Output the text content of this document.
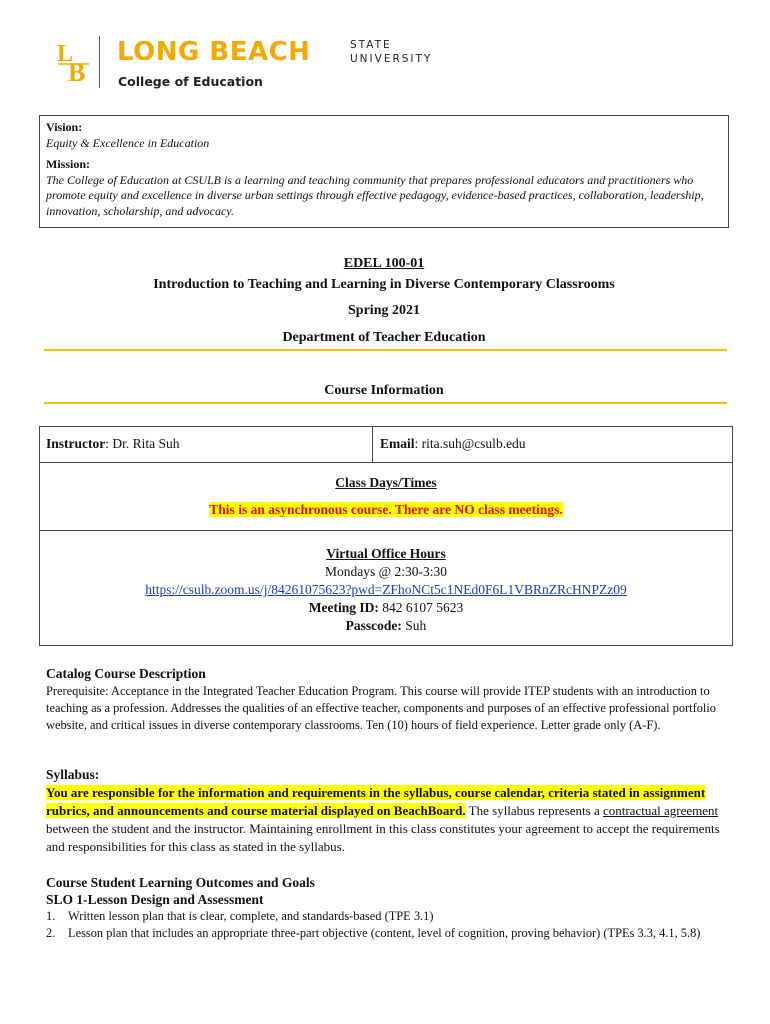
L
B
LONG BEACH	STATE
UNIVERSITY
College of Education
Vision:
Equity & Excellence in Education
Mission:
The College of Education at CSULB is a learning and teaching community that prepares professional educators and practitioners who promote equity and excellence in diverse urban settings through effective pedagogy, evidence-based practices, collaboration, leadership, innovation, scholarship, and advocacy.
EDEL 100-01
Introduction to Teaching and Learning in Diverse Contemporary Classrooms
Spring 2021
Department of Teacher Education
Course Information
Instructor: Dr. Rita Suh	Email: rita.suh@csulb.edu
Class Days/Times
This is an asynchronous course. There are NO class meetings.
Virtual Office Hours
Mondays @ 2:30-3:30
https://csulb.zoom.us/j/84261075623?pwd=ZFhoNCt5c1NEd0F6L1VBRnZRcHNPZz09
Meeting ID: 842 6107 5623
Passcode: Suh
Catalog Course Description
Prerequisite: Acceptance in the Integrated Teacher Education Program. This course will provide ITEP students with an introduction to teaching as a profession. Addresses the qualities of an effective teacher, components and purposes of an effective professional portfolio website, and critical issues in diverse contemporary classrooms. Ten (10) hours of field experience. Letter grade only (A-F).
Syllabus:
You are responsible for the information and requirements in the syllabus, course calendar, criteria stated in assignment rubrics, and announcements and course material displayed on BeachBoard. The syllabus represents a contractual agreement between the student and the instructor. Maintaining enrollment in this class constitutes your agreement to accept the requirements and responsibilities for this class as stated in the syllabus.
Course Student Learning Outcomes and Goals
SLO 1-Lesson Design and Assessment
1. Written lesson plan that is clear, complete, and standards-based (TPE 3.1)
2. Lesson plan that includes an appropriate three-part objective (content, level of cognition, proving behavior) (TPEs 3.3, 4.1, 5.8)
